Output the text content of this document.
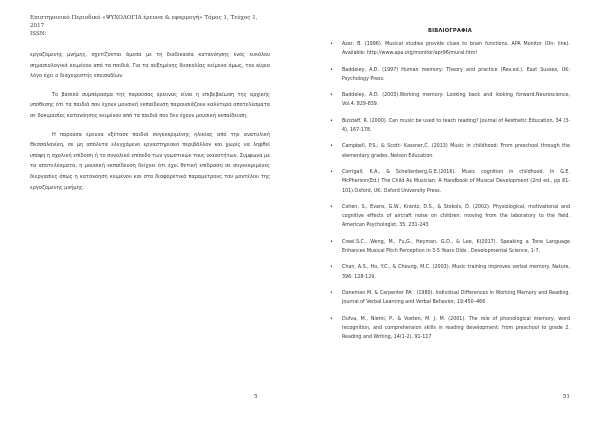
Επιστημονικό Περιοδικό «ΨΥΧΟΛΟΓΙΑ έρευνα & εφαρμογή» Τόμος 1, Τεύχος 1, 2017
ISSN:

εργαζόμενης μνήμης, σχετίζονται άμεσα με τη διαδικασία κατανόησης ενός ευκόλου σημασιολογικά κειμένου από τα παιδιά. Για τα αυξημένης δυσκολίας κείμενα όμως, τον κύριο λόγο έχει ο διαχειριστής επεισοδίων.

Το βασικό συμπέρασμα της παρούσας έρευνας είναι η επιβεβαίωση της αρχικής υπόθεσης ότι τα παιδιά που έχουν μουσική εκπαίδευση παρουσιάζουν καλύτερα αποτελέσματα σε δοκιμασίες κατανόησης κειμένου από τα παιδιά που δεν έχουν μουσική εκπαίδευση.

Η παρούσα έρευνα εξέτασε παιδιά συγκεκριμένης ηλικίας από την ανατολική Θεσσαλονίκη, σε μη απόλυτα ελεγχόμενο εργαστηριακό περιβάλλον και χωρίς να ληφθεί υπόψη η σχολική επίδοση ή το συνολικό επίπεδο των γνωστικών τους ικανοτήτων. Συμφωνα με τα αποτελέσματα, η μουσική εκπαίδευση δείχνει ότι έχει θετική επίδραση σε συγκεκριμένες διεργασίες όπως η κατανόηση κειμένου και στα διαφορετικά παραμέτρους του μοντέλου της εργαζόμενης μνήμης.

5
ΒΙΒΛΙΟΓΡΑΦΙΑ
• Azar, B. (1996). Musical studies provide clues to brain functions. APA Monitor (On- line). Available: http://www.apa.org/monitor/apr96/mural.html
• Baddeley, A.D. (1997) Human memory: Theory and practice (Rev.ed.). East Sussex, UK: Psychology Press.
• Baddeley, A.D. (2003).Working memory: Looking back and looking forward.Neuroscience, Vol.4. 829-839.
• Butzlaff, R. (2000). Can music be used to teach reading? Journal of Aesthetic Education, 34 (3-4), 167-178.
• Campbell, P.S.; & Scott- Kassner,C. (2013) Music in childhood: From preschool through the elementary grades. Nelson Education.
• Corrigall, K.A., & Schellenberg,G.E.(2016). Music cognition in childhood. In G.E. McPherson(Ed.) The Child As Musician: A Handbook of Musical Development (2nd ed., pp 81-101).Oxford, UK: Oxford University Press.
• Cohen, S., Evans, G.W., Krantz, D.S., & Stokols, D. (2002). Physiological, motivational and cognitive effects of aircraft noise on children: moving from the laboratory to the field. American Psychologist, 35: 231-243
• Creel.S.C., Weng, M., Fu,G., Heyman, G.D., & Lee, K(2017). Speaking a Tone Language Enhances Musical Pitch Perception in 3-5 Years Olds . Developmental Science, 1-7.
• Chan, A.S., Ho, Y.C., & Cheung, M.C. (2003). Music training improves verbal memory. Nature, 396: 128-129.
• Daneman M. & Carpenter PA . (1980). Individual Differences in Working Memory and Reading. Journal of Verbal Learning and Verbal Behavior, 19:450–466
• Dufva, M., Niemi, P., & Voeten, M. J. M. (2001). The role of phonological memory, word recognition, and comprehension skills in reading development: from preschool to grade 2. Reading and Writing, 14(1-2), 91-117
51
